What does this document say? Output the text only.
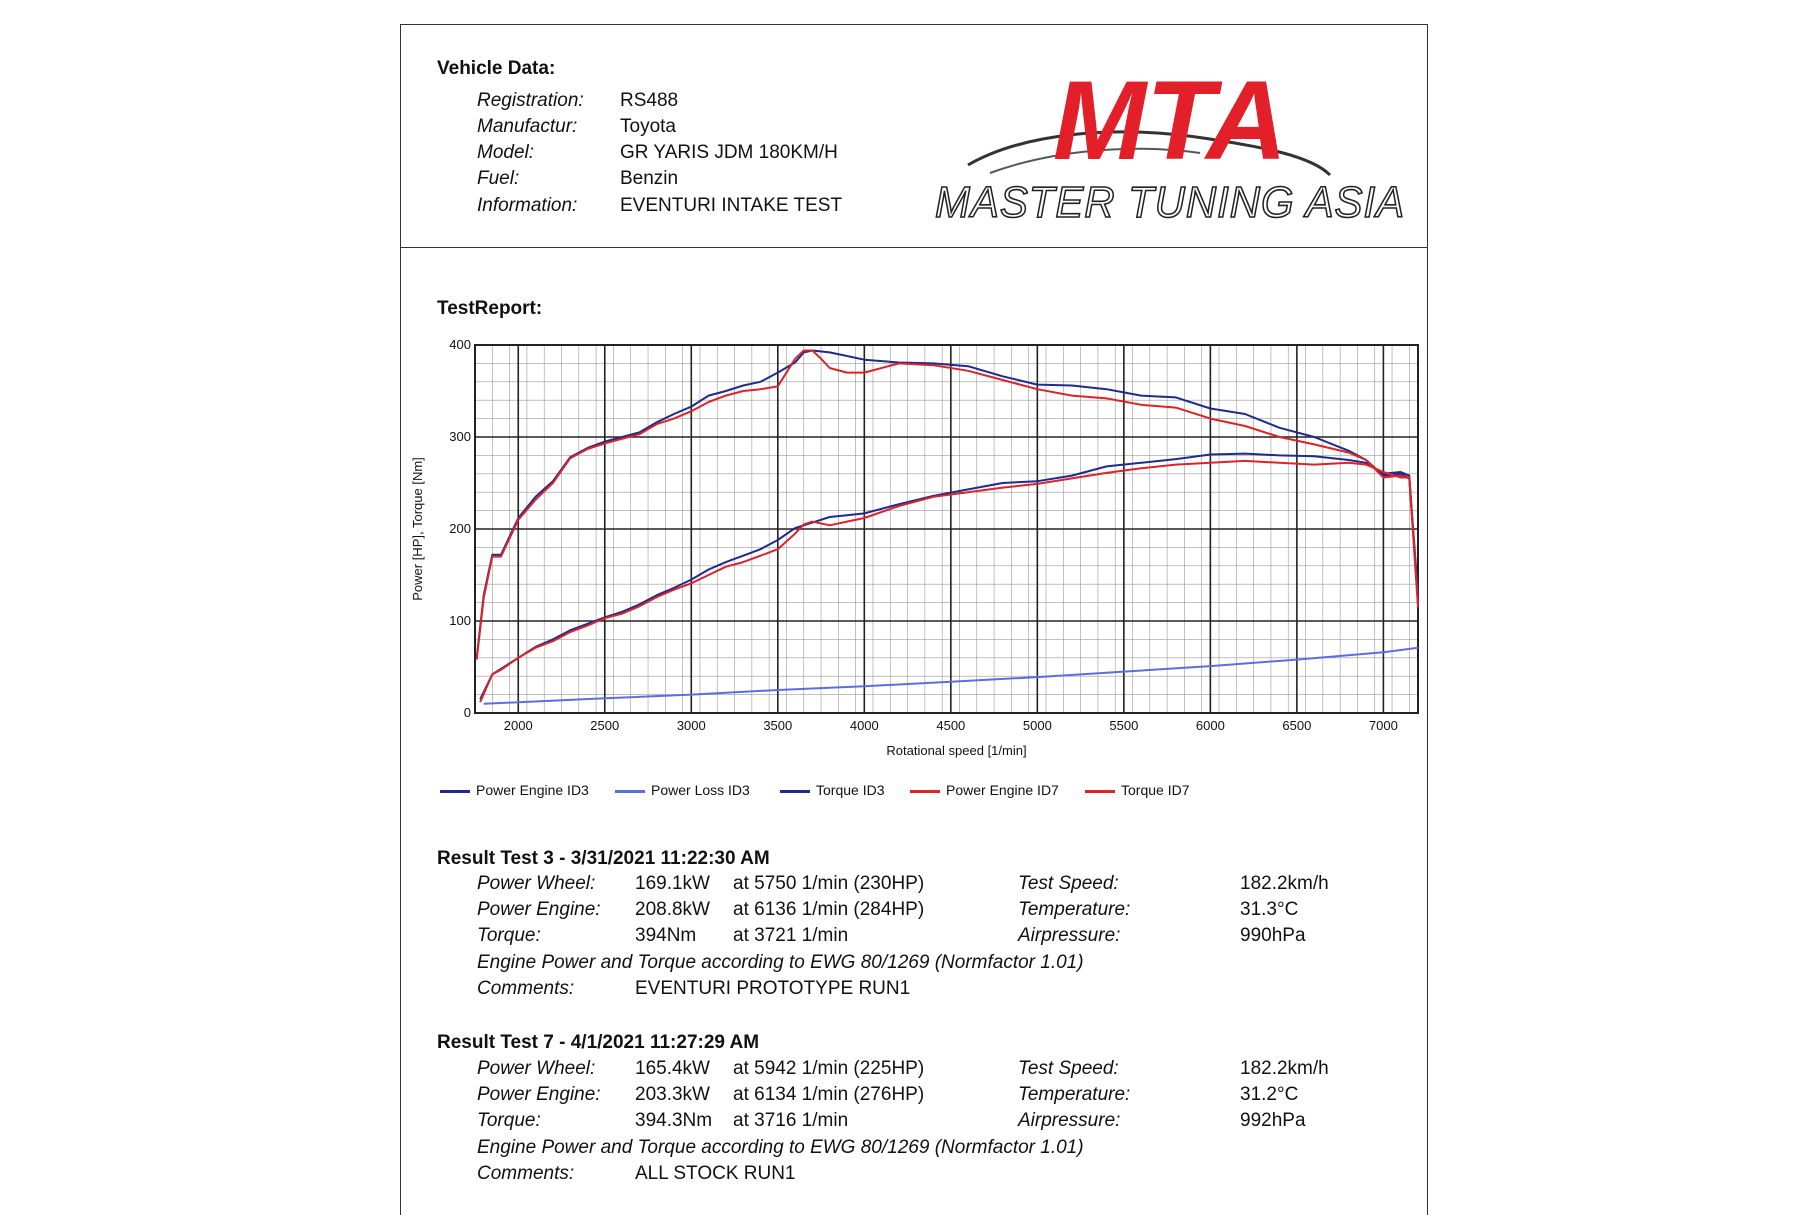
Vehicle Data:
Registration: RS488
Manufactur: Toyota
Model:	GR YARIS JDM 180KM/H
Fuel:	Benzin
Information: EVENTURI INTAKE TEST
MTA
MASTER TUNING ASIA
TestReport:
2000	2500	3000	3500	4000	4500	5000	5500	6000	6500	7000
0
100
200
300
400
Rotational speed [1/min]
Power [HP], Torque [Nm]
Power Engine ID3	Power Loss ID3	Torque ID3	Power Engine ID7	Torque ID7
Result Test 3 - 3/31/2021 11:22:30 AM
Power Wheel: 169.1kW at 5750 1/min (230HP)	Test Speed:	182.2km/h
Power Engine: 208.8kW at 6136 1/min (284HP)	Temperature:	31.3°C
Torque:	394Nm at 3721 1/min	Airpressure:	990hPa
Engine Power and Torque according to EWG 80/1269 (Normfactor 1.01)
Comments:	EVENTURI PROTOTYPE RUN1
Result Test 7 - 4/1/2021 11:27:29 AM
Power Wheel: 165.4kW at 5942 1/min (225HP)	Test Speed:	182.2km/h
Power Engine: 203.3kW at 6134 1/min (276HP)	Temperature:	31.2°C
Torque:	394.3Nm at 3716 1/min	Airpressure:	992hPa
Engine Power and Torque according to EWG 80/1269 (Normfactor 1.01)
Comments:	ALL STOCK RUN1
